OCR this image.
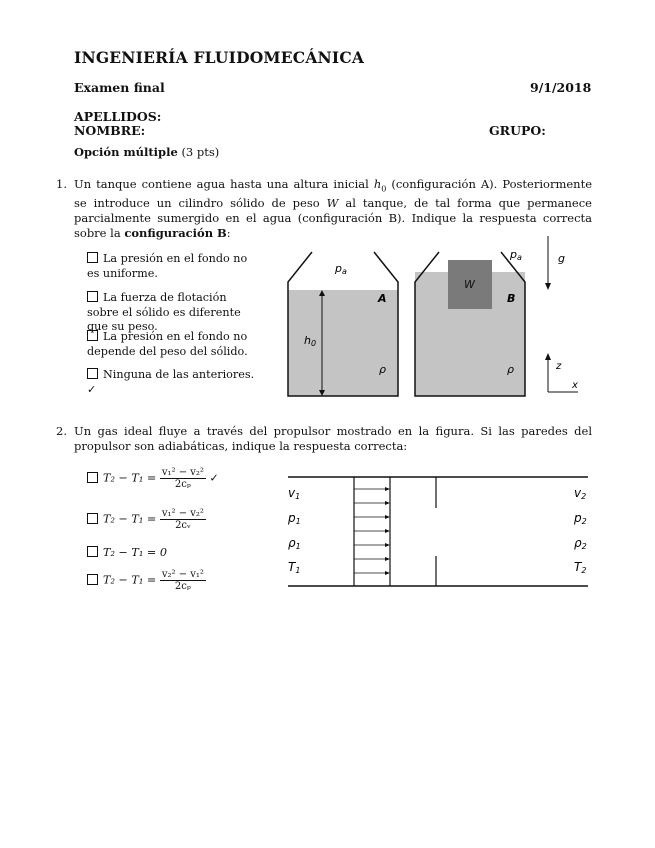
INGENIERÍA FLUIDOMECÁNICA
Examen final	9/1/2018
APELLIDOS:
NOMBRE:	GRUPO:
Opción múltiple (3 pts)
1. Un tanque contiene agua hasta una altura inicial $h_0$ (configuración A). Posteriormente se introduce un cilindro sólido de peso W al tanque, de tal forma que permanece parcialmente sumergido en el agua (configuración B). Indique la respuesta correcta sobre la configuración B:
La presión en el fondo no es uniforme.
La fuerza de flotación sobre el sólido es diferente que su peso.
La presión en el fondo no depende del peso del sólido.
Ninguna de las anteriores. ✓
pa
A
h0
ρ
W
pa
B
ρ
g
z
x
2. Un gas ideal fluye a través del propulsor mostrado en la figura. Si las paredes del propulsor son adiabáticas, indique la respuesta correcta:
$T_2 - T_1 = \frac{\text{v₁² − v₂²}}{\text{2cₚ}}$ ✓
$T_2 - T_1 = \frac{\text{v₁² − v₂²}}{\text{2cᵥ}}$
T₂ − T₁ = 0
$T_2 - T_1 = \frac{\text{v₂² − v₁²}}{\text{2cₚ}}$
v1
p1
ρ1
T1
v2
p2
ρ2
T2
